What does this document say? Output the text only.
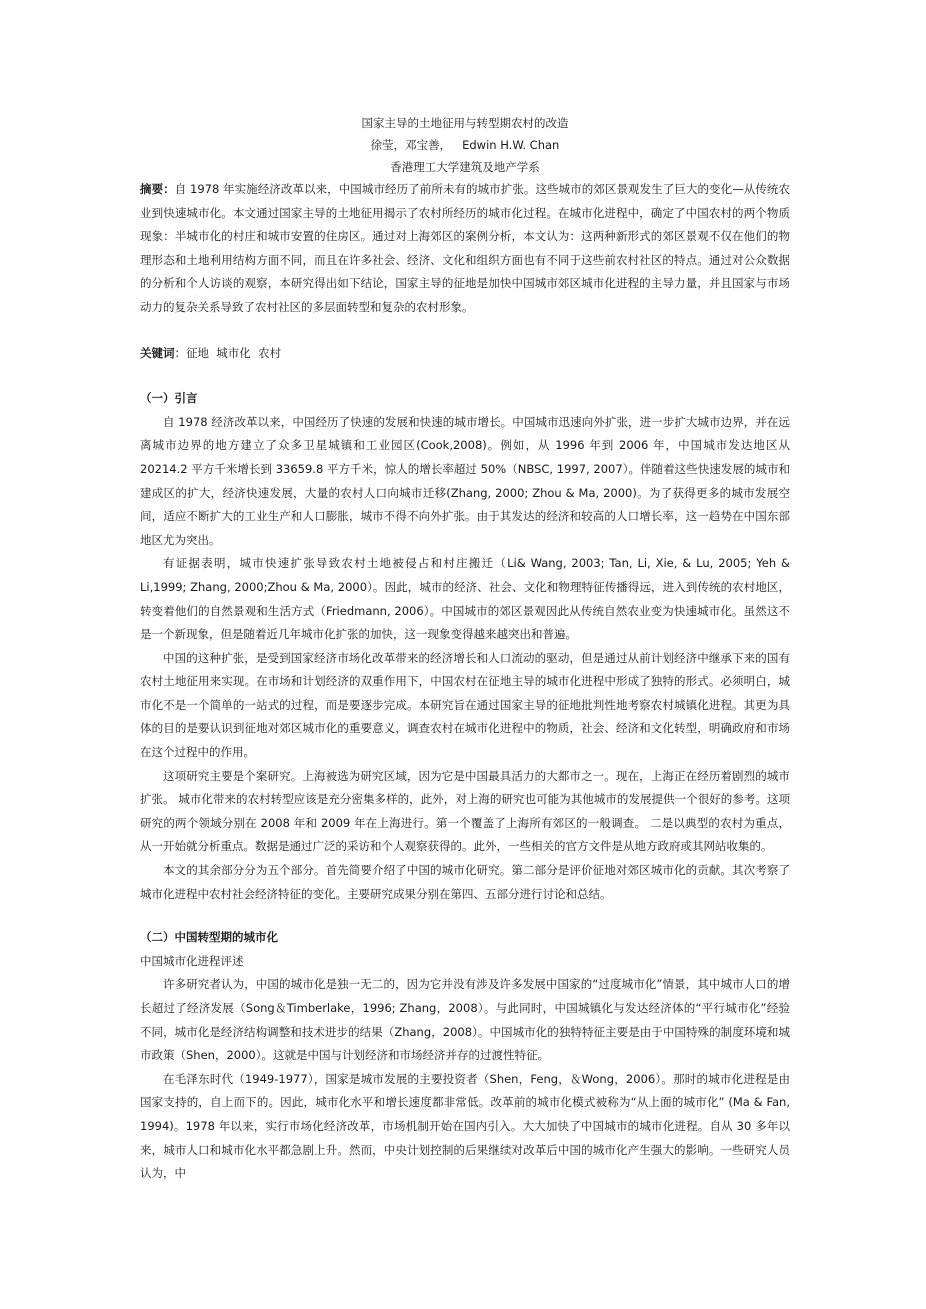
国家主导的土地征用与转型期农村的改造
徐莹，邓宝善，   Edwin H.W. Chan
香港理工大学建筑及地产学系

摘要：自 1978 年实施经济改革以来，中国城市经历了前所未有的城市扩张。这些城市的郊区景观发生了巨大的变化—从传统农业到快速城市化。本文通过国家主导的土地征用揭示了农村所经历的城市化过程。在城市化进程中，确定了中国农村的两个物质现象：半城市化的村庄和城市安置的住房区。通过对上海郊区的案例分析，本文认为：这两种新形式的郊区景观不仅在他们的物理形态和土地利用结构方面不同，而且在许多社会、经济、文化和组织方面也有不同于这些前农村社区的特点。通过对公众数据的分析和个人访谈的观察，本研究得出如下结论，国家主导的征地是加快中国城市郊区城市化进程的主导力量，并且国家与市场动力的复杂关系导致了农村社区的多层面转型和复杂的农村形象。

关键词：征地  城市化  农村

（一）引言

自 1978 经济改革以来，中国经历了快速的发展和快速的城市增长。中国城市迅速向外扩张，进一步扩大城市边界，并在远离城市边界的地方建立了众多卫星城镇和工业园区(Cook,2008)。例如，从 1996 年到 2006 年，中国城市发达地区从 20214.2 平方千米增长到 33659.8 平方千米，惊人的增长率超过 50%（NBSC, 1997, 2007）。伴随着这些快速发展的城市和建成区的扩大，经济快速发展，大量的农村人口向城市迁移(Zhang, 2000; Zhou & Ma, 2000)。为了获得更多的城市发展空间，适应不断扩大的工业生产和人口膨胀，城市不得不向外扩张。由于其发达的经济和较高的人口增长率，这一趋势在中国东部地区尤为突出。

有证据表明，城市快速扩张导致农村土地被侵占和村庄搬迁（Li& Wang, 2003; Tan, Li, Xie, & Lu, 2005; Yeh & Li,1999; Zhang, 2000;Zhou & Ma, 2000）。因此，城市的经济、社会、文化和物理特征传播得远，进入到传统的农村地区，转变着他们的自然景观和生活方式（Friedmann, 2006）。中国城市的郊区景观因此从传统自然农业变为快速城市化。虽然这不是一个新现象，但是随着近几年城市化扩张的加快，这一现象变得越来越突出和普遍。

中国的这种扩张，是受到国家经济市场化改革带来的经济增长和人口流动的驱动，但是通过从前计划经济中继承下来的国有农村土地征用来实现。在市场和计划经济的双重作用下，中国农村在征地主导的城市化进程中形成了独特的形式。必须明白，城市化不是一个简单的一站式的过程，而是要逐步完成。本研究旨在通过国家主导的征地批判性地考察农村城镇化进程。其更为具体的目的是要认识到征地对郊区城市化的重要意义，调查农村在城市化进程中的物质，社会、经济和文化转型，明确政府和市场在这个过程中的作用。

这项研究主要是个案研究。上海被选为研究区域，因为它是中国最具活力的大都市之一。现在，上海正在经历着剧烈的城市扩张。 城市化带来的农村转型应该是充分密集多样的，此外，对上海的研究也可能为其他城市的发展提供一个很好的参考。这项研究的两个领域分别在 2008 年和 2009 年在上海进行。第一个覆盖了上海所有郊区的一般调查。 二是以典型的农村为重点，从一开始就分析重点。数据是通过广泛的采访和个人观察获得的。此外，一些相关的官方文件是从地方政府或其网站收集的。

本文的其余部分分为五个部分。首先简要介绍了中国的城市化研究。第二部分是评价征地对郊区城市化的贡献。其次考察了城市化进程中农村社会经济特征的变化。主要研究成果分别在第四、五部分进行讨论和总结。

（二）中国转型期的城市化

中国城市化进程评述

许多研究者认为，中国的城市化是独一无二的，因为它并没有涉及许多发展中国家的“过度城市化”情景，其中城市人口的增长超过了经济发展（Song＆Timberlake，1996; Zhang，2008）。与此同时，中国城镇化与发达经济体的“平行城市化”经验不同，城市化是经济结构调整和技术进步的结果（Zhang，2008）。中国城市化的独特特征主要是由于中国特殊的制度环境和城市政策（Shen，2000）。这就是中国与计划经济和市场经济并存的过渡性特征。

在毛泽东时代（1949-1977），国家是城市发展的主要投资者（Shen，Feng，＆Wong，2006）。那时的城市化进程是由国家支持的，自上而下的。因此，城市化水平和增长速度都非常低。改革前的城市化模式被称为“从上面的城市化” (Ma & Fan, 1994)。1978 年以来，实行市场化经济改革，市场机制开始在国内引入。大大加快了中国城市的城市化进程。自从 30 多年以来，城市人口和城市化水平都急剧上升。然而，中央计划控制的后果继续对改革后中国的城市化产生强大的影响。一些研究人员认为，中
